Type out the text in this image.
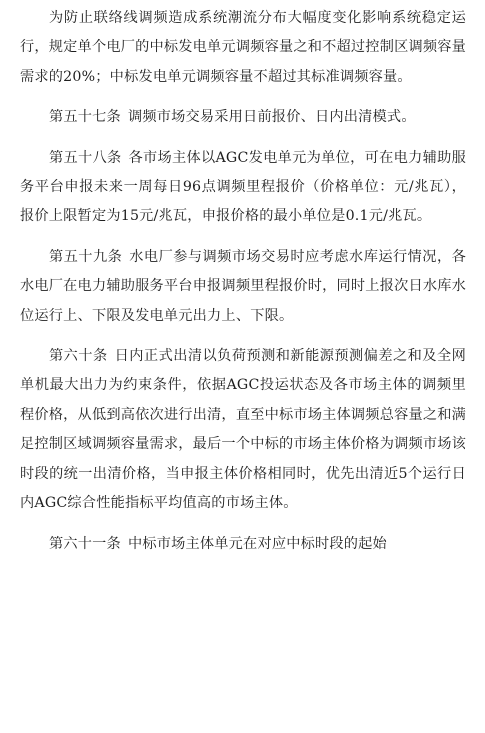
为防止联络线调频造成系统潮流分布大幅度变化影响系统稳定运行，规定单个电厂的中标发电单元调频容量之和不超过控制区调频容量需求的20%；中标发电单元调频容量不超过其标准调频容量。

第五十七条 调频市场交易采用日前报价、日内出清模式。

第五十八条 各市场主体以AGC发电单元为单位，可在电力辅助服务平台申报未来一周每日96点调频里程报价（价格单位：元/兆瓦），报价上限暂定为15元/兆瓦，申报价格的最小单位是0.1元/兆瓦。

第五十九条 水电厂参与调频市场交易时应考虑水库运行情况，各水电厂在电力辅助服务平台申报调频里程报价时，同时上报次日水库水位运行上、下限及发电单元出力上、下限。

第六十条 日内正式出清以负荷预测和新能源预测偏差之和及全网单机最大出力为约束条件，依据AGC投运状态及各市场主体的调频里程价格，从低到高依次进行出清，直至中标市场主体调频总容量之和满足控制区域调频容量需求，最后一个中标的市场主体价格为调频市场该时段的统一出清价格，当申报主体价格相同时，优先出清近5个运行日内AGC综合性能指标平均值高的市场主体。

第六十一条 中标市场主体单元在对应中标时段的起始
